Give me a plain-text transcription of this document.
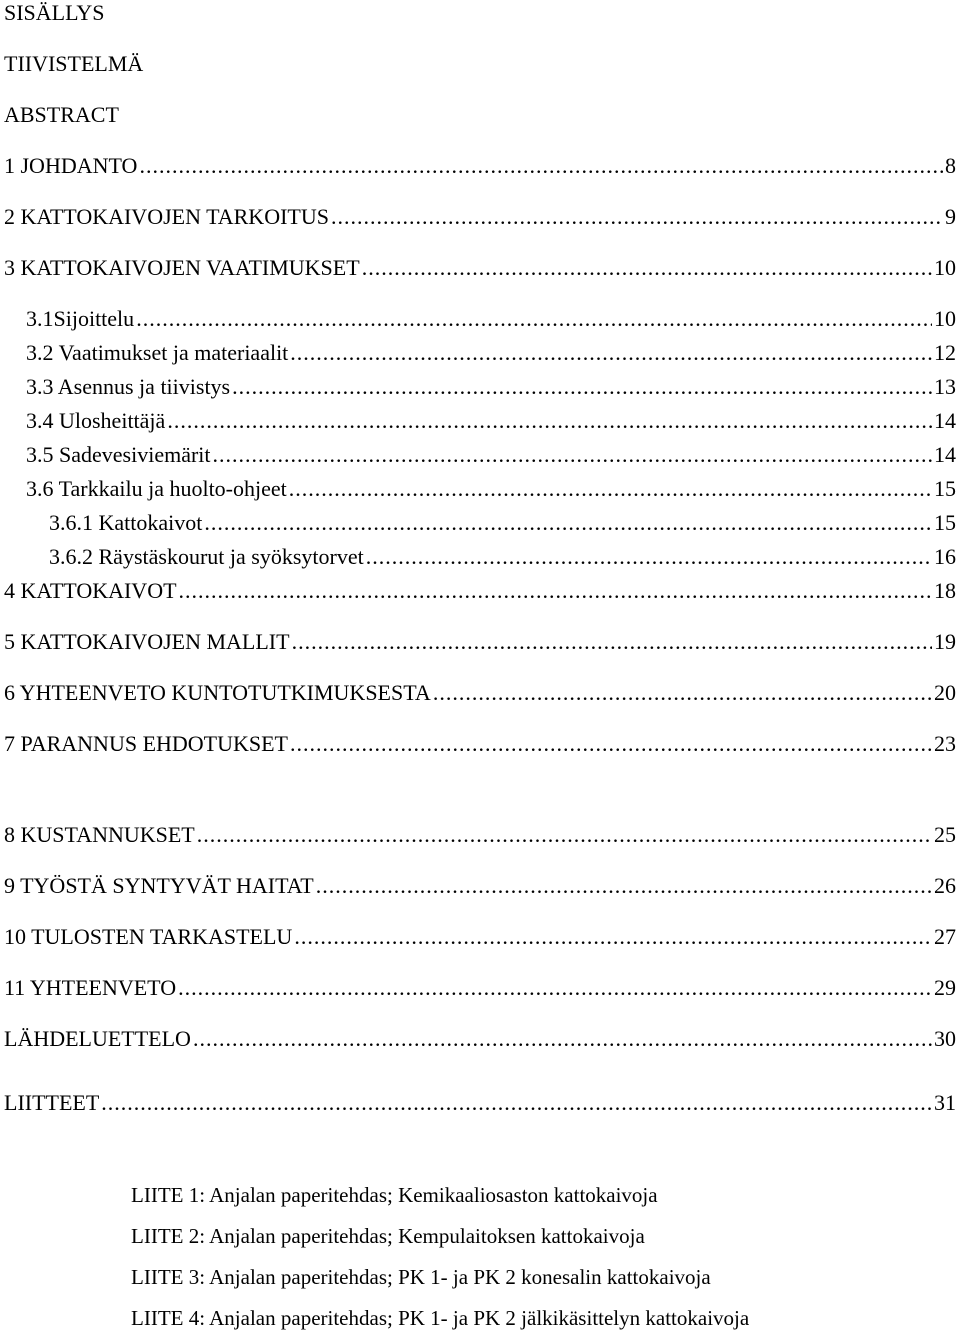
SISÄLLYS
TIIVISTELMÄ
ABSTRACT
1 JOHDANTO .....	8
2 KATTOKAIVOJEN TARKOITUS .....	9
3 KATTOKAIVOJEN VAATIMUKSET .....	10
3.1Sijoittelu .....	10
3.2 Vaatimukset ja materiaalit .....	12
3.3 Asennus ja tiivistys .....	13
3.4 Ulosheittäjä .....	14
3.5 Sadevesiviemärit .....	14
3.6 Tarkkailu ja huolto-ohjeet .....	15
3.6.1 Kattokaivot .....	15
3.6.2 Räystäskourut ja syöksytorvet .....	16
4 KATTOKAIVOT .....	18
5 KATTOKAIVOJEN MALLIT .....	19
6 YHTEENVETO KUNTOTUTKIMUKSESTA .....	20
7 PARANNUS EHDOTUKSET .....	23
8 KUSTANNUKSET .....	25
9 TYÖSTÄ SYNTYVÄT HAITAT .....	26
10 TULOSTEN TARKASTELU .....	27
11 YHTEENVETO .....	29
LÄHDELUETTELO .....	30
LIITTEET .....	31
LIITE 1: Anjalan paperitehdas; Kemikaaliosaston kattokaivoja
LIITE 2: Anjalan paperitehdas; Kempulaitoksen kattokaivoja
LIITE 3: Anjalan paperitehdas; PK 1- ja PK 2 konesalin kattokaivoja
LIITE 4: Anjalan paperitehdas; PK 1- ja PK 2 jälkikäsittelyn kattokaivoja
